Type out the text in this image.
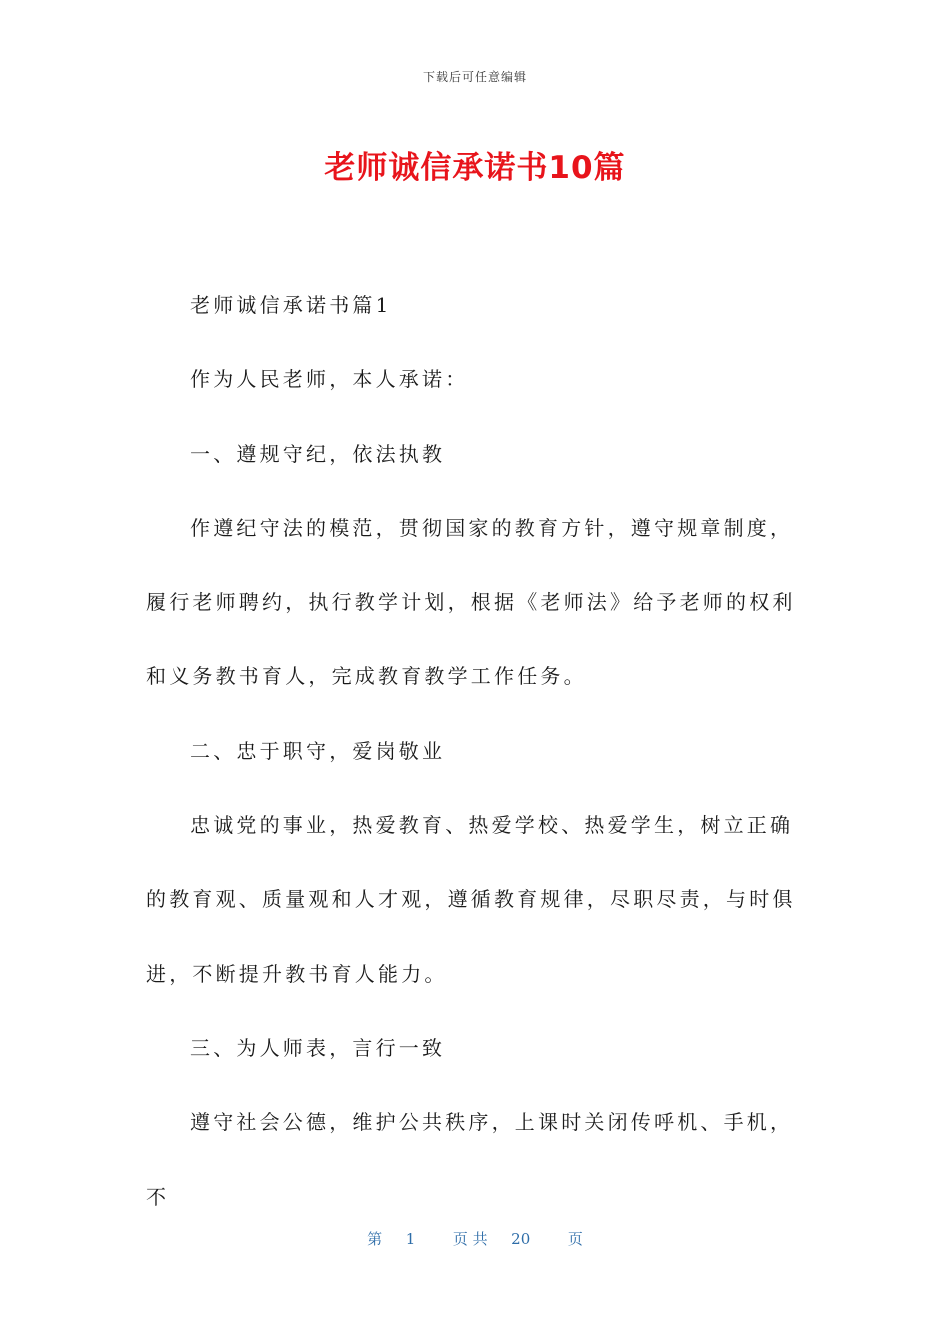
下载后可任意编辑
老师诚信承诺书10篇

老师诚信承诺书篇1

作为人民老师，本人承诺：

一、遵规守纪，依法执教

作遵纪守法的模范，贯彻国家的教育方针，遵守规章制度，履行老师聘约，执行教学计划，根据《老师法》给予老师的权利和义务教书育人，完成教育教学工作任务。

二、忠于职守，爱岗敬业

忠诚党的事业，热爱教育、热爱学校、热爱学生，树立正确的教育观、质量观和人才观，遵循教育规律，尽职尽责，与时俱进，不断提升教书育人能力。

三、为人师表，言行一致

遵守社会公德，维护公共秩序，上课时关闭传呼机、手机，不

第 1	页 共 20	页
